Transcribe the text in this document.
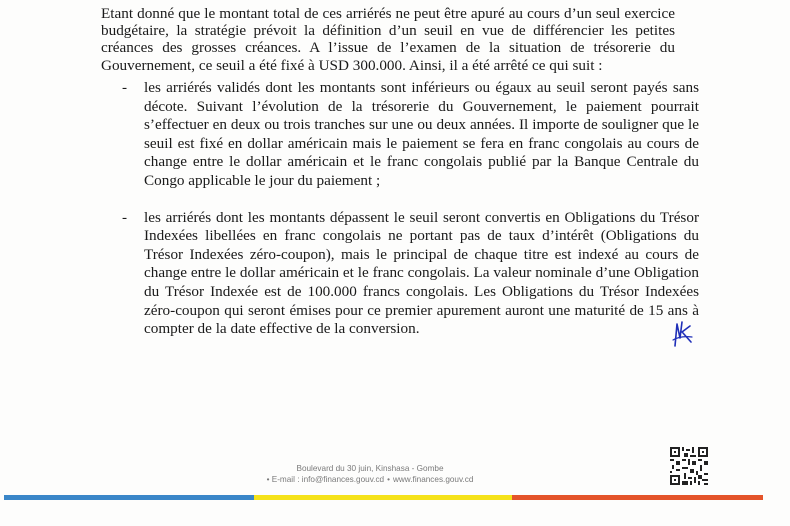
Etant donné que le montant total de ces arriérés ne peut être apuré au cours d’un seul exercice budgétaire, la stratégie prévoit la définition d’un seuil en vue de différencier les petites créances des grosses créances. A l’issue de l’examen de la situation de trésorerie du Gouvernement, ce seuil a été fixé à USD 300.000. Ainsi, il a été arrêté ce qui suit :

- les arriérés validés dont les montants sont inférieurs ou égaux au seuil seront payés sans décote. Suivant l’évolution de la trésorerie du Gouvernement, le paiement pourrait s’effectuer en deux ou trois tranches sur une ou deux années. Il importe de souligner que le seuil est fixé en dollar américain mais le paiement se fera en franc congolais au cours de change entre le dollar américain et le franc congolais publié par la Banque Centrale du Congo applicable le jour du paiement ;
- les arriérés dont les montants dépassent le seuil seront convertis en Obligations du Trésor Indexées libellées en franc congolais ne portant pas de taux d’intérêt (Obligations du Trésor Indexées zéro-coupon), mais le principal de chaque titre est indexé au cours de change entre le dollar américain et le franc congolais. La valeur nominale d’une Obligation du Trésor Indexée est de 100.000 francs congolais. Les Obligations du Trésor Indexées zéro-coupon qui seront émises pour ce premier apurement auront une maturité de 15 ans à compter de la date effective de la conversion.
Boulevard du 30 juin, Kinshasa - Gombe
• E-mail : info@finances.gouv.cd • www.finances.gouv.cd
